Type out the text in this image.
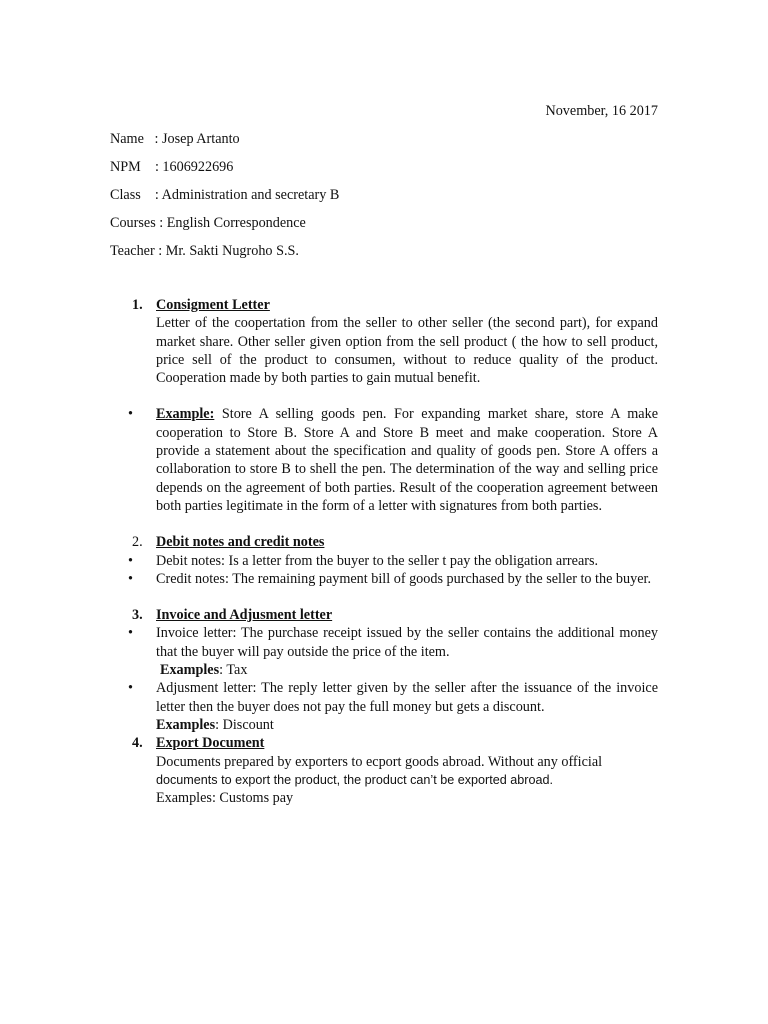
November, 16 2017
Name   : Josep Artanto
NPM    : 1606922696
Class    : Administration and secretary B
Courses : English Correspondence
Teacher : Mr. Sakti Nugroho S.S.
1. Consigment Letter
Letter of the coopertation from the seller to other seller (the second part), for expand market share. Other seller given option from the sell product ( the how to sell product, price sell of the product to consumen, without to reduce quality of the product. Cooperation made by both parties to gain mutual benefit.
• Example: Store A selling goods pen. For expanding market share, store A make cooperation to Store B. Store A and Store B meet and make cooperation. Store A provide a statement about the specification and quality of goods pen. Store A offers a collaboration to store B to shell the pen. The determination of the way and selling price depends on the agreement of both parties. Result of the cooperation agreement between both parties legitimate in the form of a letter with signatures from both parties.
2. Debit notes and credit notes
• Debit notes: Is a letter from the buyer to the seller t pay the obligation arrears.
• Credit notes: The remaining payment bill of goods purchased by the seller to the buyer.
3. Invoice and Adjusment letter
• Invoice letter: The purchase receipt issued by the seller contains the additional money that the buyer will pay outside the price of the item.
Examples: Tax
• Adjusment letter: The reply letter given by the seller after the issuance of the invoice letter then the buyer does not pay the full money but gets a discount.
Examples: Discount
4. Export Document
Documents prepared by exporters to ecport goods abroad. Without any official
documents to export the product, the product can’t be exported abroad.
Examples: Customs pay
